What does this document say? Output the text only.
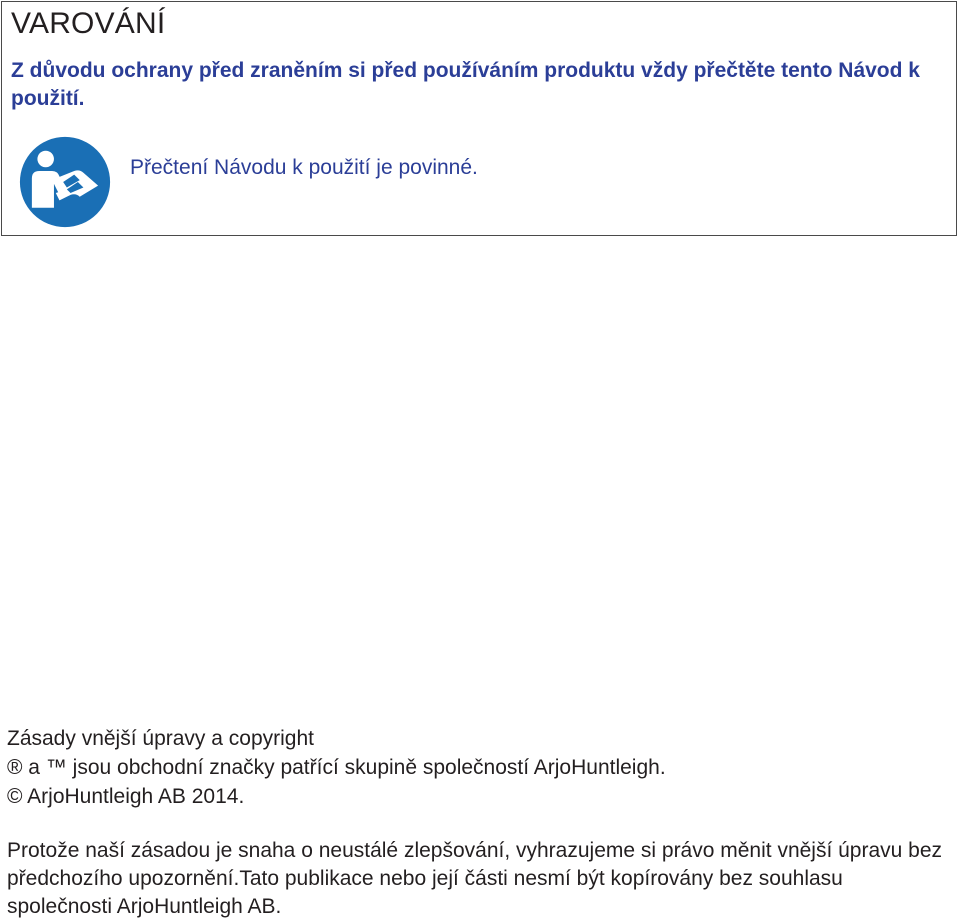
VAROVÁNÍ

Z důvodu ochrany před zraněním si před používáním produktu vždy přečtěte tento Návod k použití.

Přečtení Návodu k použití je povinné.

Zásady vnější úpravy a copyright
® a ™ jsou obchodní značky patřící skupině společností ArjoHuntleigh.
© ArjoHuntleigh AB 2014.

Protože naší zásadou je snaha o neustálé zlepšování, vyhrazujeme si právo měnit vnější úpravu bez předchozího upozornění.Tato publikace nebo její části nesmí být kopírovány bez souhlasu společnosti ArjoHuntleigh AB.
